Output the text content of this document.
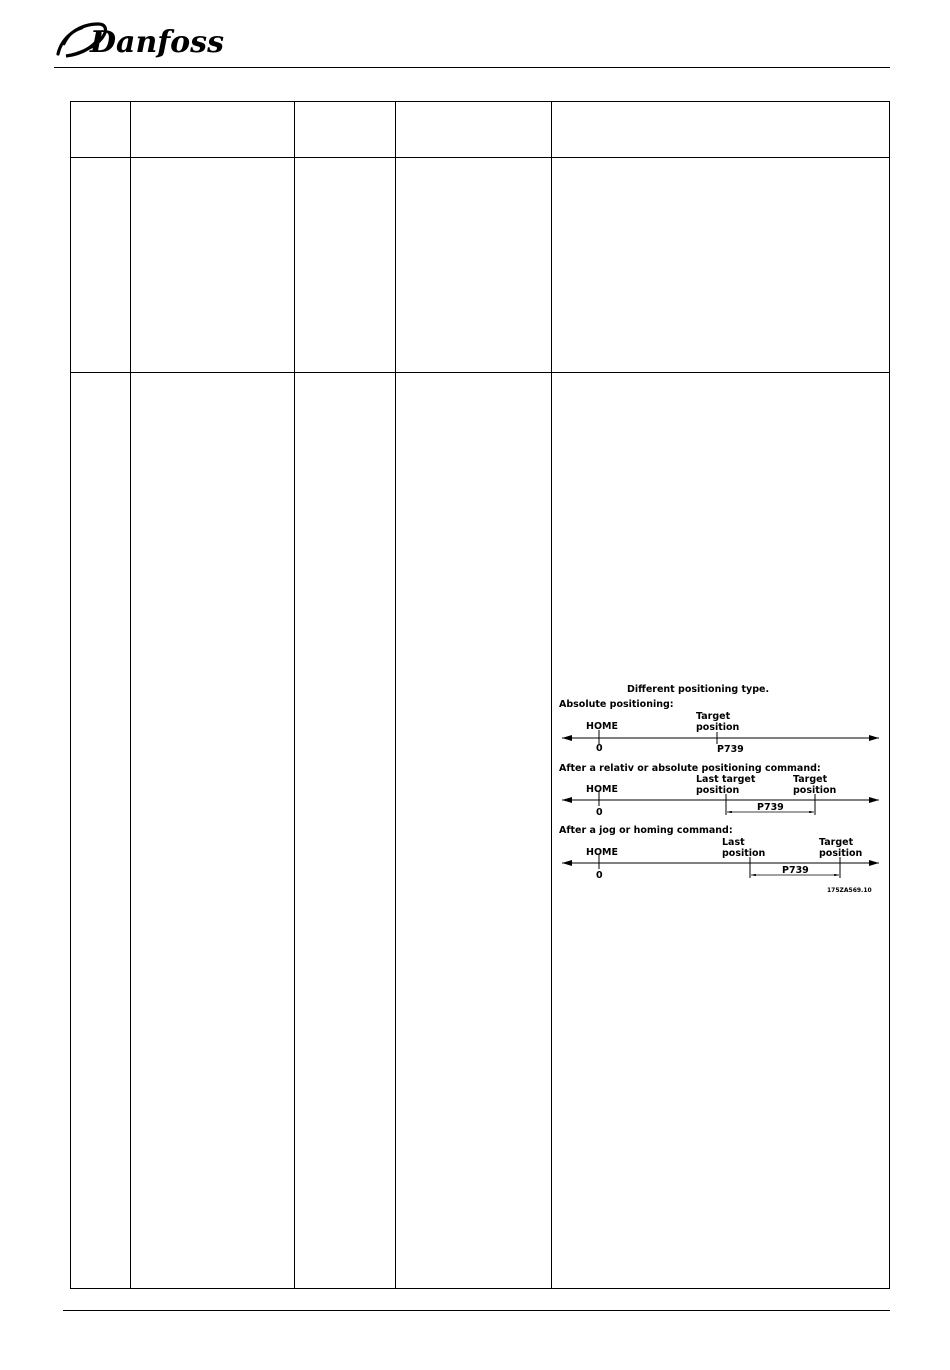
Danfoss
Different positioning type.
Absolute positioning:
Target
position
HOME
0	P739
After a relativ or absolute positioning command:
Last target
position
Target
position
HOME
P739
0
After a jog or homing command:
Last
position
Target
position
HOME
P739
0
175ZA569.10
